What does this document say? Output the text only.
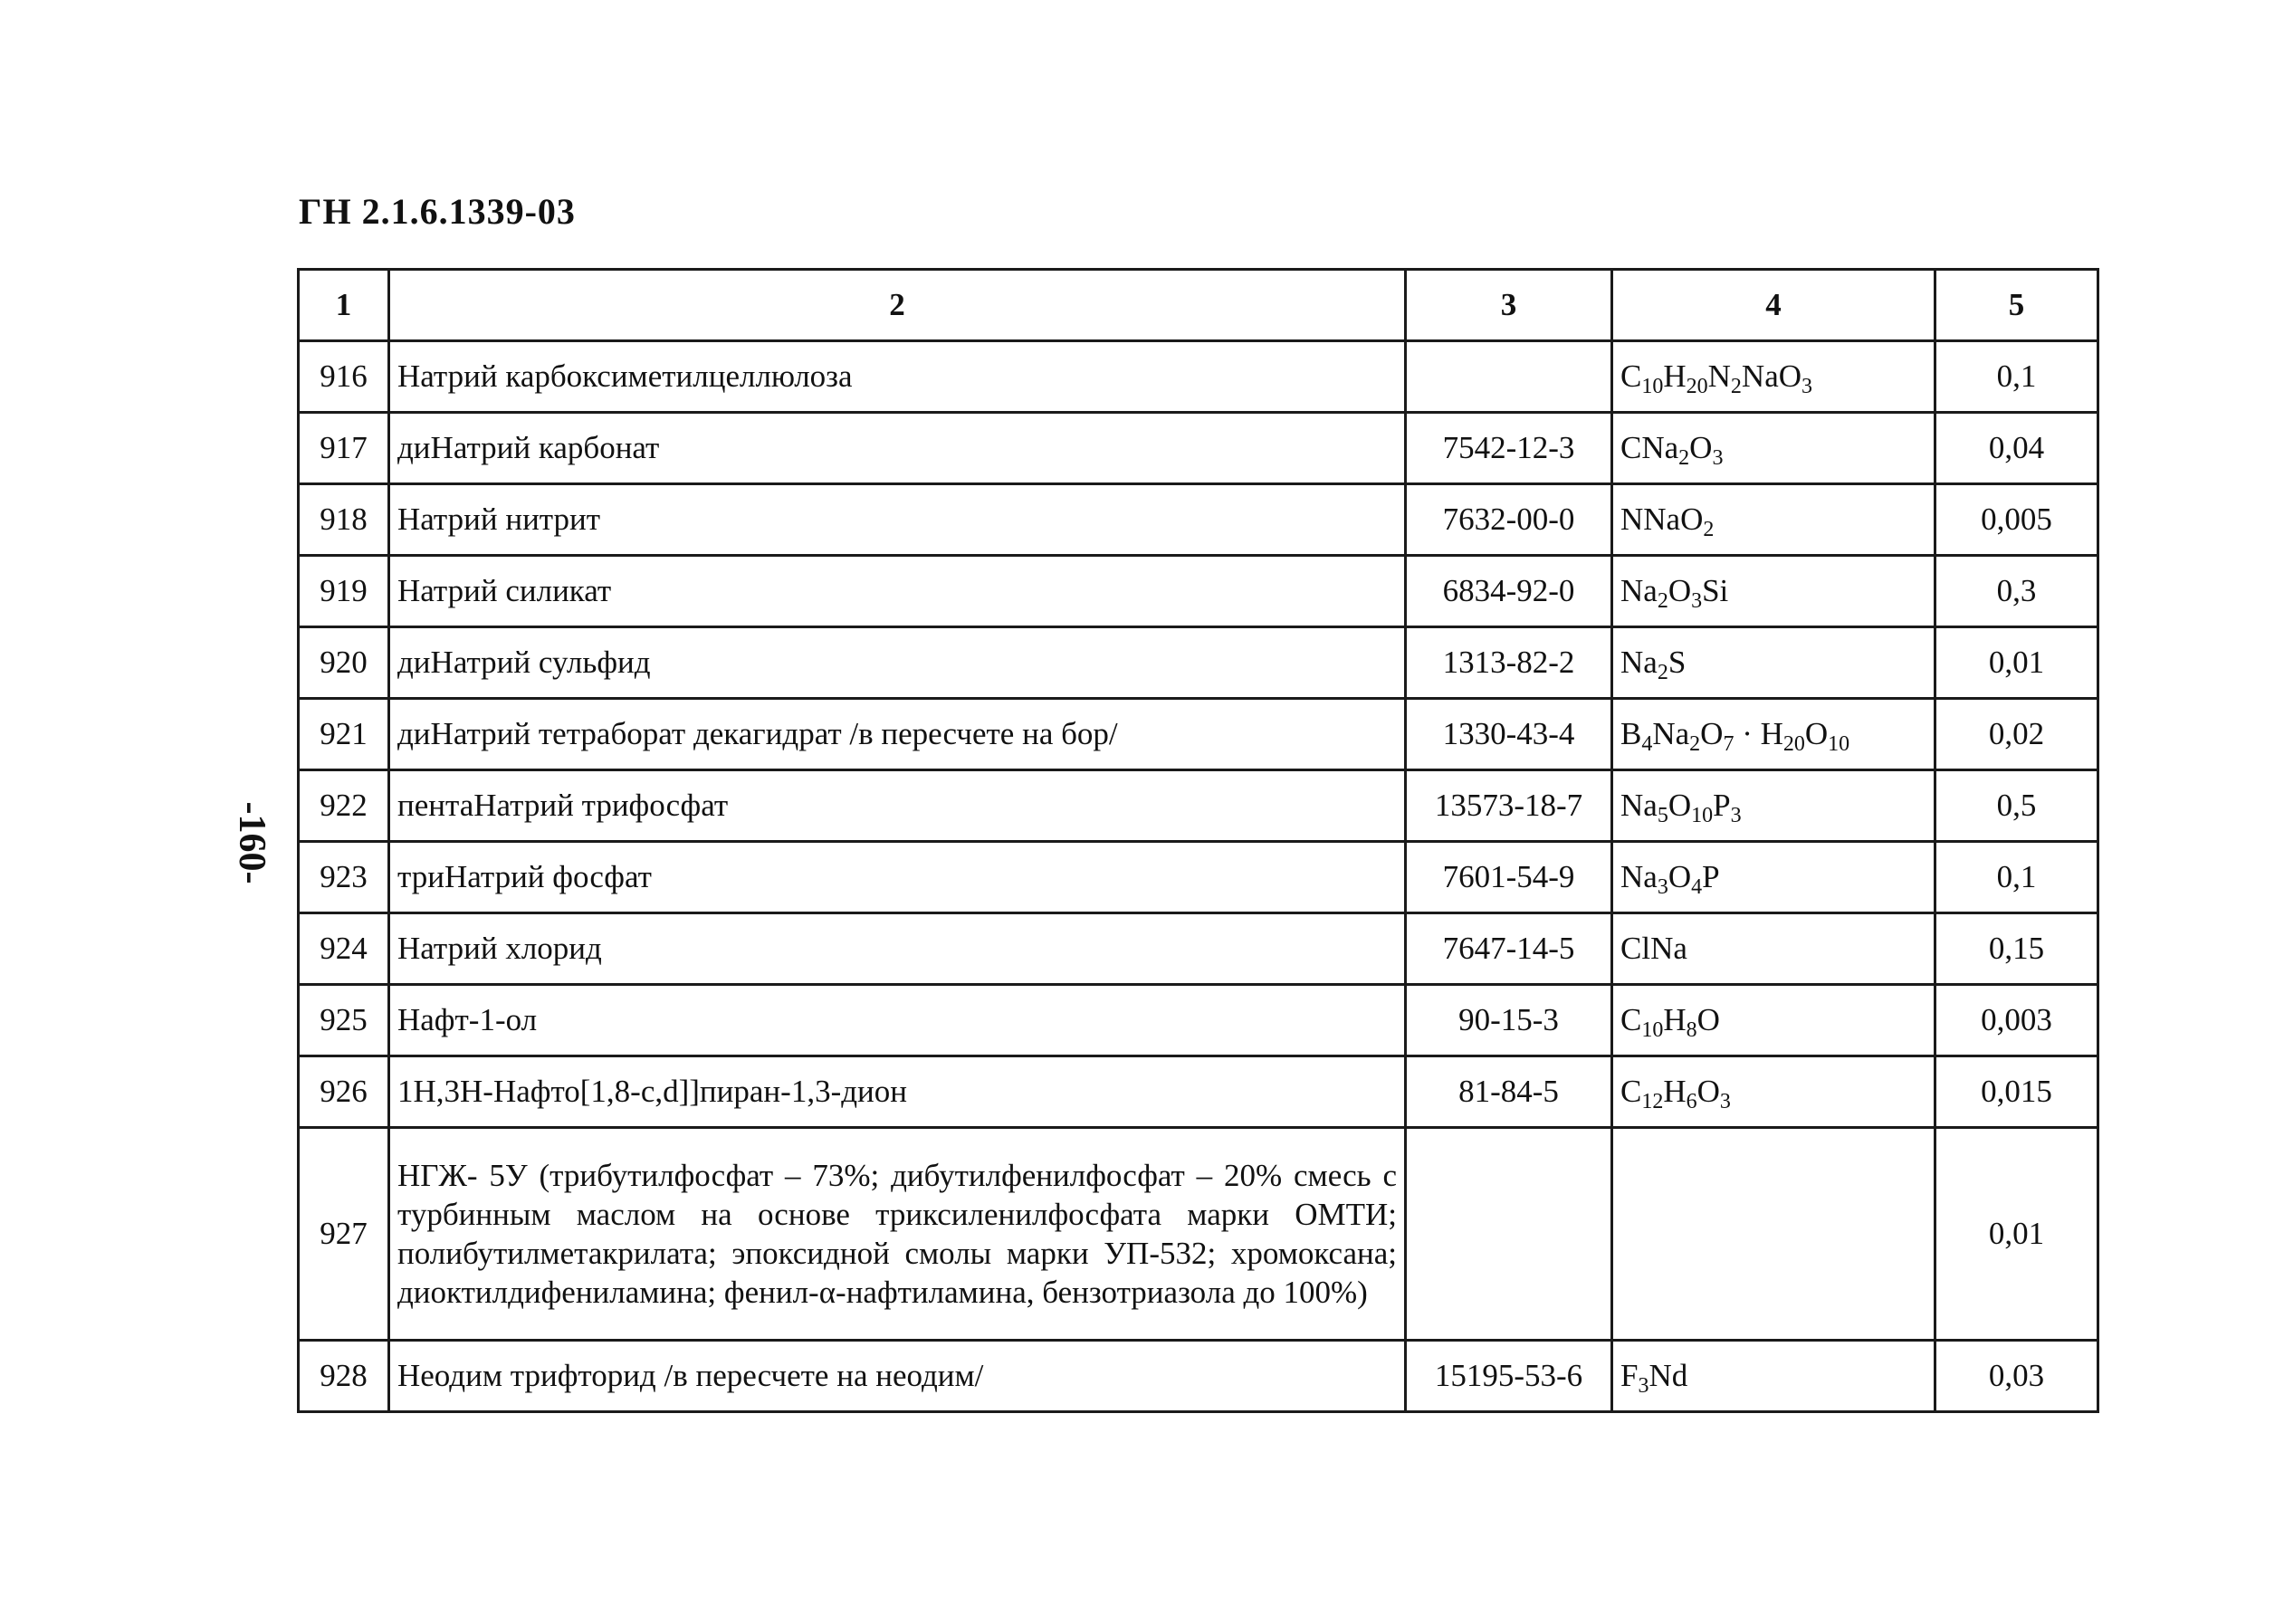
ГН 2.1.6.1339-03
-160-
1	2	3	4	5
916	Натрий карбоксиметилцеллюлоза		$C_{10}H_{20}N_2NaO_3$	0,1
917	диНатрий карбонат	7542-12-3	$CNa_2O_3$	0,04
918	Натрий нитрит	7632-00-0	NNaO$_2$	0,005
919	Натрий силикат	6834-92-0	$Na_2O_3Si$	0,3
920	диНатрий сульфид	1313-82-2	$Na_2S$	0,01
921	диНатрий тетраборат декагидрат /в пересчете на бор/	1330-43-4	$B_4Na_2O_7 \cdot H_{20}O_{10}$	0,02
922	пентаНатрий трифосфат	13573-18-7	$Na_5O_{10}P_3$	0,5
923	триНатрий фосфат	7601-54-9	$Na_3O_4P$	0,1
924	Натрий хлорид	7647-14-5	ClNa	0,15
925	Нафт-1-ол	90-15-3	$C_{10}H_8O$	0,003
926	1H,3H-Нафто[1,8-c,d]]пиран-1,3-дион	81-84-5	$C_{12}H_6O_3$	0,015
927	НГЖ- 5У (трибутилфосфат – 73%; дибутилфенилфосфат – 20% смесь с турбинным маслом на основе триксиленилфосфата марки ОМТИ; полибутилметакрилата; эпоксидной смолы марки УП-532; хромоксана; диоктилдифениламина; фенил-α-нафтиламина, бензотриазола до 100%)			0,01
928	Неодим трифторид /в пересчете на неодим/	15195-53-6	$F_3Nd$	0,03
